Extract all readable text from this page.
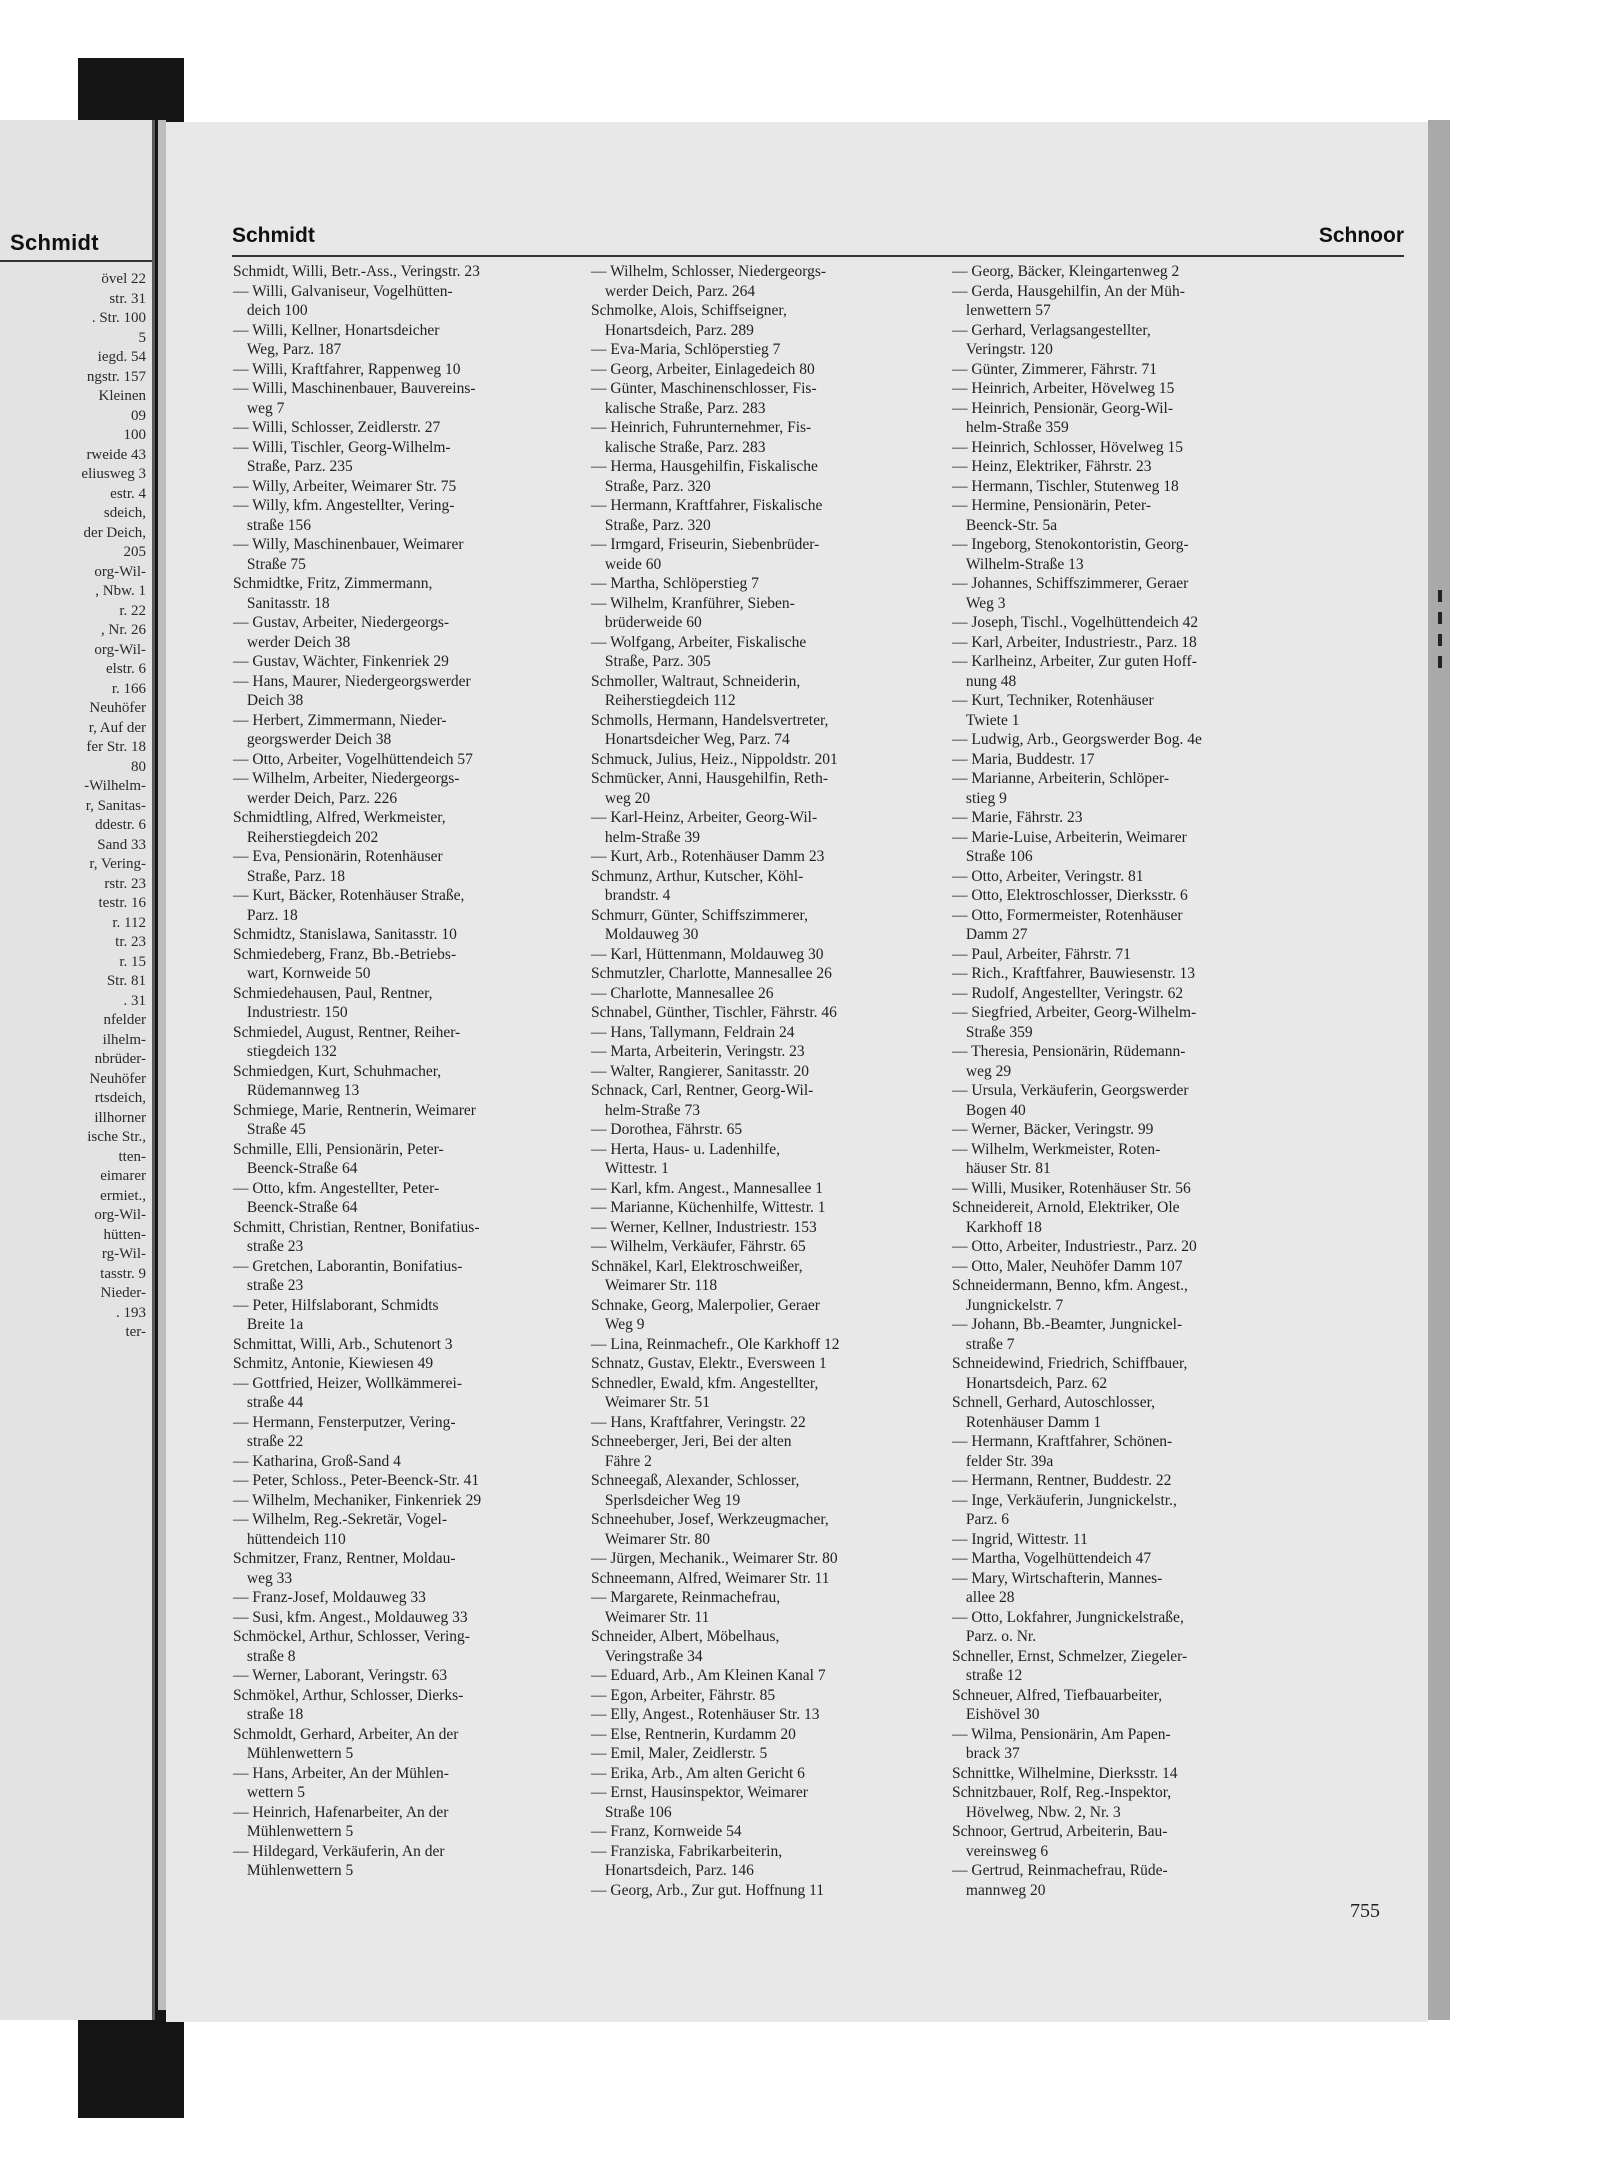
Schmidt
övel 22
str. 31
. Str. 100
5
iegd. 54
ngstr. 157
Kleinen
09
100
rweide 43
eliusweg 3
estr. 4
sdeich,
der Deich,
205
org-Wil-
, Nbw. 1
r. 22
, Nr. 26
org-Wil-
elstr. 6
r. 166
Neuhöfer
r, Auf der
fer Str. 18
80
-Wilhelm-
r, Sanitas-
ddestr. 6
Sand 33
r, Vering-
rstr. 23
testr. 16
r. 112
tr. 23
r. 15
Str. 81
. 31
nfelder
ilhelm-
nbrüder-
Neuhöfer
rtsdeich,
illhorner
ische Str.,
tten-
eimarer
ermiet.,
org-Wil-
hütten-
rg-Wil-
tasstr. 9
Nieder-
. 193
ter-
Schmidt	Schnoor
Schmidt, Willi, Betr.-Ass., Veringstr. 23
— Willi, Galvaniseur, Vogelhütten-
deich 100
— Willi, Kellner, Honartsdeicher
Weg, Parz. 187
— Willi, Kraftfahrer, Rappenweg 10
— Willi, Maschinenbauer, Bauvereins-
weg 7
— Willi, Schlosser, Zeidlerstr. 27
— Willi, Tischler, Georg-Wilhelm-
Straße, Parz. 235
— Willy, Arbeiter, Weimarer Str. 75
— Willy, kfm. Angestellter, Vering-
straße 156
— Willy, Maschinenbauer, Weimarer
Straße 75
Schmidtke, Fritz, Zimmermann,
Sanitasstr. 18
— Gustav, Arbeiter, Niedergeorgs-
werder Deich 38
— Gustav, Wächter, Finkenriek 29
— Hans, Maurer, Niedergeorgswerder
Deich 38
— Herbert, Zimmermann, Nieder-
georgswerder Deich 38
— Otto, Arbeiter, Vogelhüttendeich 57
— Wilhelm, Arbeiter, Niedergeorgs-
werder Deich, Parz. 226
Schmidtling, Alfred, Werkmeister,
Reiherstiegdeich 202
— Eva, Pensionärin, Rotenhäuser
Straße, Parz. 18
— Kurt, Bäcker, Rotenhäuser Straße,
Parz. 18
Schmidtz, Stanislawa, Sanitasstr. 10
Schmiedeberg, Franz, Bb.-Betriebs-
wart, Kornweide 50
Schmiedehausen, Paul, Rentner,
Industriestr. 150
Schmiedel, August, Rentner, Reiher-
stiegdeich 132
Schmiedgen, Kurt, Schuhmacher,
Rüdemannweg 13
Schmiege, Marie, Rentnerin, Weimarer
Straße 45
Schmille, Elli, Pensionärin, Peter-
Beenck-Straße 64
— Otto, kfm. Angestellter, Peter-
Beenck-Straße 64
Schmitt, Christian, Rentner, Bonifatius-
straße 23
— Gretchen, Laborantin, Bonifatius-
straße 23
— Peter, Hilfslaborant, Schmidts
Breite 1a
Schmittat, Willi, Arb., Schutenort 3
Schmitz, Antonie, Kiewiesen 49
— Gottfried, Heizer, Wollkämmerei-
straße 44
— Hermann, Fensterputzer, Vering-
straße 22
— Katharina, Groß-Sand 4
— Peter, Schloss., Peter-Beenck-Str. 41
— Wilhelm, Mechaniker, Finkenriek 29
— Wilhelm, Reg.-Sekretär, Vogel-
hüttendeich 110
Schmitzer, Franz, Rentner, Moldau-
weg 33
— Franz-Josef, Moldauweg 33
— Susi, kfm. Angest., Moldauweg 33
Schmöckel, Arthur, Schlosser, Vering-
straße 8
— Werner, Laborant, Veringstr. 63
Schmökel, Arthur, Schlosser, Dierks-
straße 18
Schmoldt, Gerhard, Arbeiter, An der
Mühlenwettern 5
— Hans, Arbeiter, An der Mühlen-
wettern 5
— Heinrich, Hafenarbeiter, An der
Mühlenwettern 5
— Hildegard, Verkäuferin, An der
Mühlenwettern 5
— Wilhelm, Schlosser, Niedergeorgs-
werder Deich, Parz. 264
Schmolke, Alois, Schiffseigner,
Honartsdeich, Parz. 289
— Eva-Maria, Schlöperstieg 7
— Georg, Arbeiter, Einlagedeich 80
— Günter, Maschinenschlosser, Fis-
kalische Straße, Parz. 283
— Heinrich, Fuhrunternehmer, Fis-
kalische Straße, Parz. 283
— Herma, Hausgehilfin, Fiskalische
Straße, Parz. 320
— Hermann, Kraftfahrer, Fiskalische
Straße, Parz. 320
— Irmgard, Friseurin, Siebenbrüder-
weide 60
— Martha, Schlöperstieg 7
— Wilhelm, Kranführer, Sieben-
brüderweide 60
— Wolfgang, Arbeiter, Fiskalische
Straße, Parz. 305
Schmoller, Waltraut, Schneiderin,
Reiherstiegdeich 112
Schmolls, Hermann, Handelsvertreter,
Honartsdeicher Weg, Parz. 74
Schmuck, Julius, Heiz., Nippoldstr. 201
Schmücker, Anni, Hausgehilfin, Reth-
weg 20
— Karl-Heinz, Arbeiter, Georg-Wil-
helm-Straße 39
— Kurt, Arb., Rotenhäuser Damm 23
Schmunz, Arthur, Kutscher, Köhl-
brandstr. 4
Schmurr, Günter, Schiffszimmerer,
Moldauweg 30
— Karl, Hüttenmann, Moldauweg 30
Schmutzler, Charlotte, Mannesallee 26
— Charlotte, Mannesallee 26
Schnabel, Günther, Tischler, Fährstr. 46
— Hans, Tallymann, Feldrain 24
— Marta, Arbeiterin, Veringstr. 23
— Walter, Rangierer, Sanitasstr. 20
Schnack, Carl, Rentner, Georg-Wil-
helm-Straße 73
— Dorothea, Fährstr. 65
— Herta, Haus- u. Ladenhilfe,
Wittestr. 1
— Karl, kfm. Angest., Mannesallee 1
— Marianne, Küchenhilfe, Wittestr. 1
— Werner, Kellner, Industriestr. 153
— Wilhelm, Verkäufer, Fährstr. 65
Schnäkel, Karl, Elektroschweißer,
Weimarer Str. 118
Schnake, Georg, Malerpolier, Geraer
Weg 9
— Lina, Reinmachefr., Ole Karkhoff 12
Schnatz, Gustav, Elektr., Eversween 1
Schnedler, Ewald, kfm. Angestellter,
Weimarer Str. 51
— Hans, Kraftfahrer, Veringstr. 22
Schneeberger, Jeri, Bei der alten
Fähre 2
Schneegaß, Alexander, Schlosser,
Sperlsdeicher Weg 19
Schneehuber, Josef, Werkzeugmacher,
Weimarer Str. 80
— Jürgen, Mechanik., Weimarer Str. 80
Schneemann, Alfred, Weimarer Str. 11
— Margarete, Reinmachefrau,
Weimarer Str. 11
Schneider, Albert, Möbelhaus,
Veringstraße 34
— Eduard, Arb., Am Kleinen Kanal 7
— Egon, Arbeiter, Fährstr. 85
— Elly, Angest., Rotenhäuser Str. 13
— Else, Rentnerin, Kurdamm 20
— Emil, Maler, Zeidlerstr. 5
— Erika, Arb., Am alten Gericht 6
— Ernst, Hausinspektor, Weimarer
Straße 106
— Franz, Kornweide 54
— Franziska, Fabrikarbeiterin,
Honartsdeich, Parz. 146
— Georg, Arb., Zur gut. Hoffnung 11
— Georg, Bäcker, Kleingartenweg 2
— Gerda, Hausgehilfin, An der Müh-
lenwettern 57
— Gerhard, Verlagsangestellter,
Veringstr. 120
— Günter, Zimmerer, Fährstr. 71
— Heinrich, Arbeiter, Hövelweg 15
— Heinrich, Pensionär, Georg-Wil-
helm-Straße 359
— Heinrich, Schlosser, Hövelweg 15
— Heinz, Elektriker, Fährstr. 23
— Hermann, Tischler, Stutenweg 18
— Hermine, Pensionärin, Peter-
Beenck-Str. 5a
— Ingeborg, Stenokontoristin, Georg-
Wilhelm-Straße 13
— Johannes, Schiffszimmerer, Geraer
Weg 3
— Joseph, Tischl., Vogelhüttendeich 42
— Karl, Arbeiter, Industriestr., Parz. 18
— Karlheinz, Arbeiter, Zur guten Hoff-
nung 48
— Kurt, Techniker, Rotenhäuser
Twiete 1
— Ludwig, Arb., Georgswerder Bog. 4e
— Maria, Buddestr. 17
— Marianne, Arbeiterin, Schlöper-
stieg 9
— Marie, Fährstr. 23
— Marie-Luise, Arbeiterin, Weimarer
Straße 106
— Otto, Arbeiter, Veringstr. 81
— Otto, Elektroschlosser, Dierksstr. 6
— Otto, Formermeister, Rotenhäuser
Damm 27
— Paul, Arbeiter, Fährstr. 71
— Rich., Kraftfahrer, Bauwiesenstr. 13
— Rudolf, Angestellter, Veringstr. 62
— Siegfried, Arbeiter, Georg-Wilhelm-
Straße 359
— Theresia, Pensionärin, Rüdemann-
weg 29
— Ursula, Verkäuferin, Georgswerder
Bogen 40
— Werner, Bäcker, Veringstr. 99
— Wilhelm, Werkmeister, Roten-
häuser Str. 81
— Willi, Musiker, Rotenhäuser Str. 56
Schneidereit, Arnold, Elektriker, Ole
Karkhoff 18
— Otto, Arbeiter, Industriestr., Parz. 20
— Otto, Maler, Neuhöfer Damm 107
Schneidermann, Benno, kfm. Angest.,
Jungnickelstr. 7
— Johann, Bb.-Beamter, Jungnickel-
straße 7
Schneidewind, Friedrich, Schiffbauer,
Honartsdeich, Parz. 62
Schnell, Gerhard, Autoschlosser,
Rotenhäuser Damm 1
— Hermann, Kraftfahrer, Schönen-
felder Str. 39a
— Hermann, Rentner, Buddestr. 22
— Inge, Verkäuferin, Jungnickelstr.,
Parz. 6
— Ingrid, Wittestr. 11
— Martha, Vogelhüttendeich 47
— Mary, Wirtschafterin, Mannes-
allee 28
— Otto, Lokfahrer, Jungnickelstraße,
Parz. o. Nr.
Schneller, Ernst, Schmelzer, Ziegeler-
straße 12
Schneuer, Alfred, Tiefbauarbeiter,
Eishövel 30
— Wilma, Pensionärin, Am Papen-
brack 37
Schnittke, Wilhelmine, Dierksstr. 14
Schnitzbauer, Rolf, Reg.-Inspektor,
Hövelweg, Nbw. 2, Nr. 3
Schnoor, Gertrud, Arbeiterin, Bau-
vereinsweg 6
— Gertrud, Reinmachefrau, Rüde-
mannweg 20
755
